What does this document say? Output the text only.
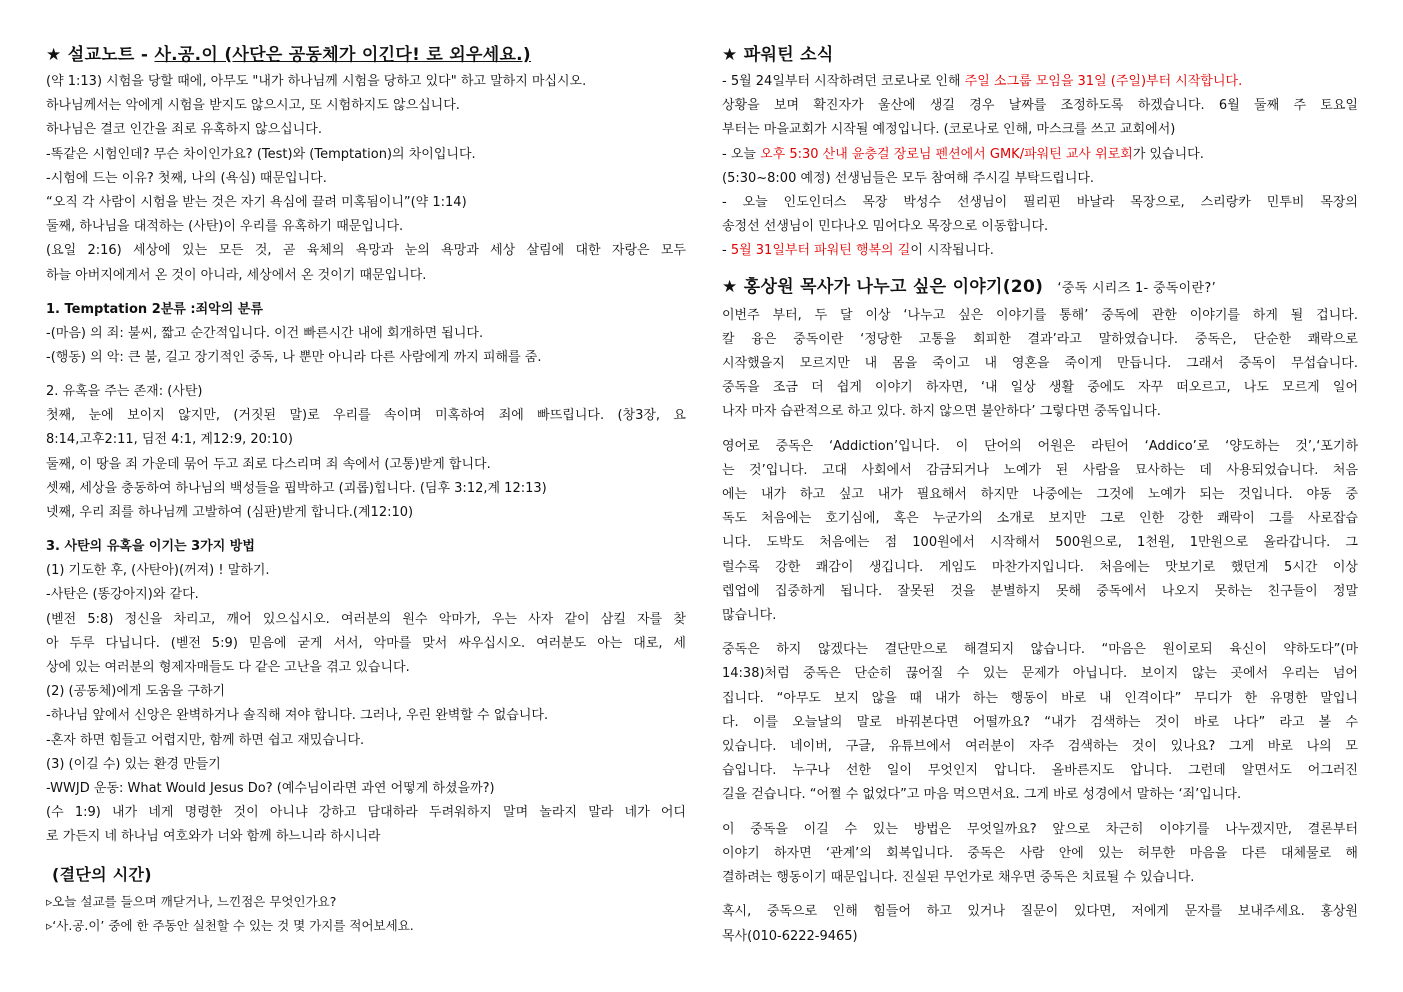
★ 설교노트 - 사.공.이 (사단은 공동체가 이긴다! 로 외우세요.)
(약 1:13) 시험을 당할 때에, 아무도 "내가 하나님께 시험을 당하고 있다" 하고 말하지 마십시오.
하나님께서는 악에게 시험을 받지도 않으시고, 또 시험하지도 않으십니다.
하나님은 결코 인간을 죄로 유혹하지 않으십니다.
-똑같은 시험인데? 무슨 차이인가요? (Test)와 (Temptation)의 차이입니다.
-시험에 드는 이유? 첫째, 나의 (욕심) 때문입니다.
“오직 각 사람이 시험을 받는 것은 자기 욕심에 끌려 미혹됨이니”(약 1:14)
둘째, 하나님을 대적하는 (사탄)이 우리를 유혹하기 때문입니다.
(요일 2:16) 세상에 있는 모든 것, 곧 육체의 욕망과 눈의 욕망과 세상 살림에 대한 자랑은 모두
하늘 아버지에게서 온 것이 아니라, 세상에서 온 것이기 때문입니다.
1. Temptation 2분류 :죄악의 분류
-(마음) 의 죄: 불씨, 짧고 순간적입니다. 이건 빠른시간 내에 회개하면 됩니다.
-(행동) 의 악: 큰 불, 길고 장기적인 중독, 나 뿐만 아니라 다른 사람에게 까지 피해를 줌.
2. 유혹을 주는 존재: (사탄)
첫째, 눈에 보이지 않지만, (거짓된 말)로 우리를 속이며 미혹하여 죄에 빠뜨립니다. (창3장, 요
8:14,고후2:11, 딤전 4:1, 계12:9, 20:10)
둘째, 이 땅을 죄 가운데 묶어 두고 죄로 다스리며 죄 속에서 (고통)받게 합니다.
셋째, 세상을 충동하여 하나님의 백성들을 핍박하고 (괴롭)힙니다. (딤후 3:12,계 12:13)
넷째, 우리 죄를 하나님께 고발하여 (심판)받게 합니다.(계12:10)
3. 사탄의 유혹을 이기는 3가지 방법
(1) 기도한 후, (사탄아)(꺼져) ! 말하기.
-사탄은 (똥강아지)와 같다.
(벧전 5:8) 정신을 차리고, 깨어 있으십시오. 여러분의 원수 악마가, 우는 사자 같이 삼킬 자를 찾
아 두루 다닙니다. (벧전 5:9) 믿음에 굳게 서서, 악마를 맞서 싸우십시오. 여러분도 아는 대로, 세
상에 있는 여러분의 형제자매들도 다 같은 고난을 겪고 있습니다.
(2) (공동체)에게 도움을 구하기
-하나님 앞에서 신앙은 완벽하거나 솔직해 져야 합니다. 그러나, 우린 완벽할 수 없습니다.
-혼자 하면 힘들고 어렵지만, 함께 하면 쉽고 재밌습니다.
(3) (이길 수) 있는 환경 만들기
-WWJD 운동: What Would Jesus Do? (예수님이라면 과연 어떻게 하셨을까?)
(수 1:9) 내가 네게 명령한 것이 아니냐 강하고 담대하라 두려워하지 말며 놀라지 말라 네가 어디
로 가든지 네 하나님 여호와가 너와 함께 하느니라 하시니라
(결단의 시간)
▹오늘 설교를 들으며 깨닫거나, 느낀점은 무엇인가요?
▹‘사.공.이’ 중에 한 주동안 실천할 수 있는 것 몇 가지를 적어보세요.
★ 파워틴 소식
- 5월 24일부터 시작하려던 코로나로 인해 주일 소그룹 모임을 31일 (주일)부터 시작합니다.
상황을 보며 확진자가 울산에 생길 경우 날짜를 조정하도록 하겠습니다. 6월 둘째 주 토요일
부터는 마을교회가 시작될 예정입니다. (코로나로 인해, 마스크를 쓰고 교회에서)
- 오늘 오후 5:30 산내 윤충걸 장로님 펜션에서 GMK/파워틴 교사 위로회가 있습니다.
(5:30~8:00 예정) 선생님들은 모두 참여해 주시길 부탁드립니다.
- 오늘 인도인더스 목장 박성수 선생님이 필리핀 바날라 목장으로, 스리랑카 민투비 목장의
송정선 선생님이 민다나오 밈어다오 목장으로 이동합니다.
- 5월 31일부터 파워틴 행복의 길이 시작됩니다.
★ 홍상원 목사가 나누고 싶은 이야기(20) ‘중독 시리즈 1- 중독이란?’
이번주 부터, 두 달 이상 ‘나누고 싶은 이야기를 통해’ 중독에 관한 이야기를 하게 될 겁니다.
칼 융은 중독이란 ‘정당한 고통을 회피한 결과’라고 말하였습니다. 중독은, 단순한 쾌락으로
시작했을지 모르지만 내 몸을 죽이고 내 영혼을 죽이게 만듭니다. 그래서 중독이 무섭습니다.
중독을 조금 더 쉽게 이야기 하자면, ‘내 일상 생활 중에도 자꾸 떠오르고, 나도 모르게 일어
나자 마자 습관적으로 하고 있다. 하지 않으면 불안하다’ 그렇다면 중독입니다.
영어로 중독은 ‘Addiction’입니다. 이 단어의 어원은 라틴어 ‘Addico’로 ‘양도하는 것’,‘포기하
는 것’입니다. 고대 사회에서 감금되거나 노예가 된 사람을 묘사하는 데 사용되었습니다. 처음
에는 내가 하고 싶고 내가 필요해서 하지만 나중에는 그것에 노예가 되는 것입니다. 야동 중
독도 처음에는 호기심에, 혹은 누군가의 소개로 보지만 그로 인한 강한 쾌락이 그를 사로잡습
니다. 도박도 처음에는 점 100원에서 시작해서 500원으로, 1천원, 1만원으로 올라갑니다. 그
럴수록 강한 쾌감이 생깁니다. 게임도 마찬가지입니다. 처음에는 맛보기로 했던게 5시간 이상
렙업에 집중하게 됩니다. 잘못된 것을 분별하지 못해 중독에서 나오지 못하는 친구들이 정말
많습니다.
중독은 하지 않겠다는 결단만으로 해결되지 않습니다. “마음은 원이로되 육신이 약하도다”(마
14:38)처럼 중독은 단순히 끊어질 수 있는 문제가 아닙니다. 보이지 않는 곳에서 우리는 넘어
집니다. “아무도 보지 않을 때 내가 하는 행동이 바로 내 인격이다” 무디가 한 유명한 말입니
다. 이를 오늘날의 말로 바꿔본다면 어떨까요? “내가 검색하는 것이 바로 나다” 라고 볼 수
있습니다. 네이버, 구글, 유튜브에서 여러분이 자주 검색하는 것이 있나요? 그게 바로 나의 모
습입니다. 누구나 선한 일이 무엇인지 압니다. 올바른지도 압니다. 그런데 알면서도 어그러진
길을 걷습니다. “어쩔 수 없었다”고 마음 먹으면서요. 그게 바로 성경에서 말하는 ‘죄’입니다.
이 중독을 이길 수 있는 방법은 무엇일까요? 앞으로 차근히 이야기를 나누겠지만, 결론부터
이야기 하자면 ‘관계’의 회복입니다. 중독은 사람 안에 있는 허무한 마음을 다른 대체물로 해
결하려는 행동이기 때문입니다. 진실된 무언가로 채우면 중독은 치료될 수 있습니다.
혹시, 중독으로 인해 힘들어 하고 있거나 질문이 있다면, 저에게 문자를 보내주세요. 홍상원
목사(010-6222-9465)
